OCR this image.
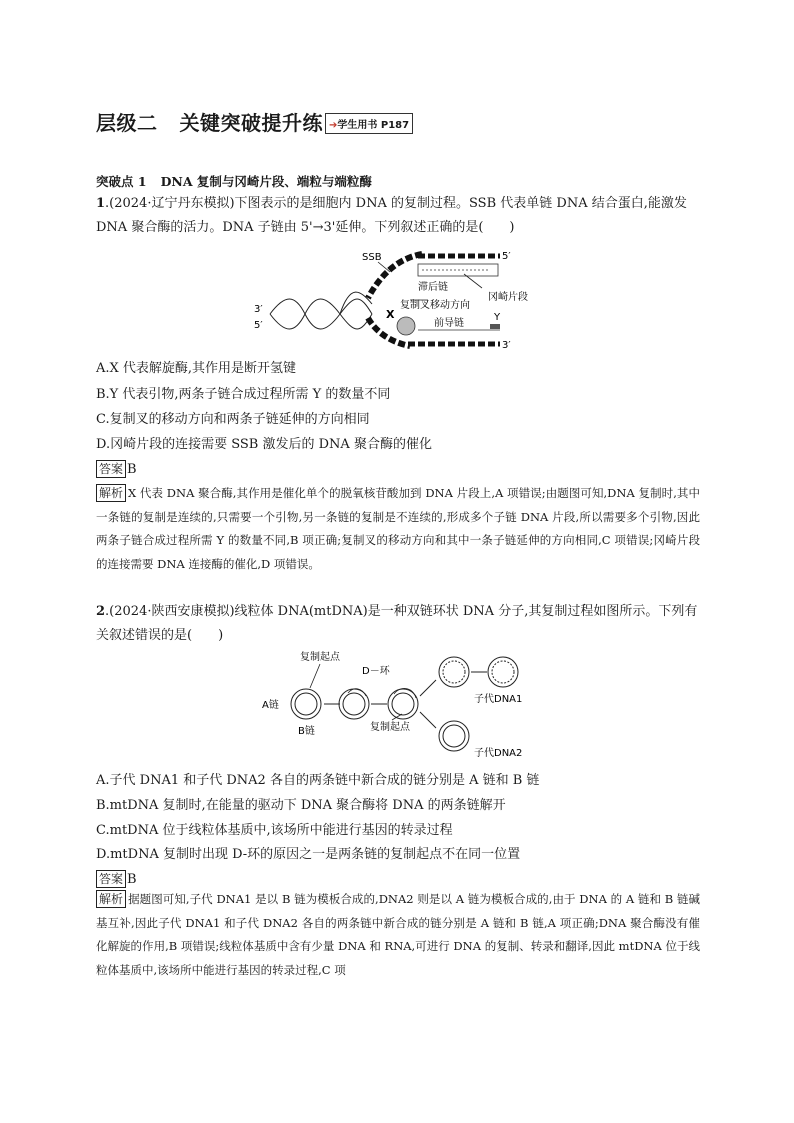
层级二 关键突破提升练 ➔学生用书 P187
突破点 1 DNA 复制与冈崎片段、端粒与端粒酶
1.(2024·辽宁丹东模拟)下图表示的是细胞内 DNA 的复制过程。SSB 代表单链 DNA 结合蛋白,能激发 DNA 聚合酶的活力。DNA 子链由 5'→3'延伸。下列叙述正确的是(　　)
3′
5′
SSB	5′
滞后链
冈崎片段
复制叉移动方向
X
前导链
Y
3′
A.X 代表解旋酶,其作用是断开氢键
B.Y 代表引物,两条子链合成过程所需 Y 的数量不同
C.复制叉的移动方向和两条子链延伸的方向相同
D.冈崎片段的连接需要 SSB 激发后的 DNA 聚合酶的催化
答案 B
解析 X 代表 DNA 聚合酶,其作用是催化单个的脱氧核苷酸加到 DNA 片段上,A 项错误;由题图可知,DNA 复制时,其中一条链的复制是连续的,只需要一个引物,另一条链的复制是不连续的,形成多个子链 DNA 片段,所以需要多个引物,因此两条子链合成过程所需 Y 的数量不同,B 项正确;复制叉的移动方向和其中一条子链延伸的方向相同,C 项错误;冈崎片段的连接需要 DNA 连接酶的催化,D 项错误。
2.(2024·陕西安康模拟)线粒体 DNA(mtDNA)是一种双链环状 DNA 分子,其复制过程如图所示。下列有关叙述错误的是(　　)
复制起点
D－环
A链
B链	复制起点
子代DNA1
子代DNA2
A.子代 DNA1 和子代 DNA2 各自的两条链中新合成的链分别是 A 链和 B 链
B.mtDNA 复制时,在能量的驱动下 DNA 聚合酶将 DNA 的两条链解开
C.mtDNA 位于线粒体基质中,该场所中能进行基因的转录过程
D.mtDNA 复制时出现 D-环的原因之一是两条链的复制起点不在同一位置
答案 B
解析 据题图可知,子代 DNA1 是以 B 链为模板合成的,DNA2 则是以 A 链为模板合成的,由于 DNA 的 A 链和 B 链碱基互补,因此子代 DNA1 和子代 DNA2 各自的两条链中新合成的链分别是 A 链和 B 链,A 项正确;DNA 聚合酶没有催化解旋的作用,B 项错误;线粒体基质中含有少量 DNA 和 RNA,可进行 DNA 的复制、转录和翻译,因此 mtDNA 位于线粒体基质中,该场所中能进行基因的转录过程,C 项
